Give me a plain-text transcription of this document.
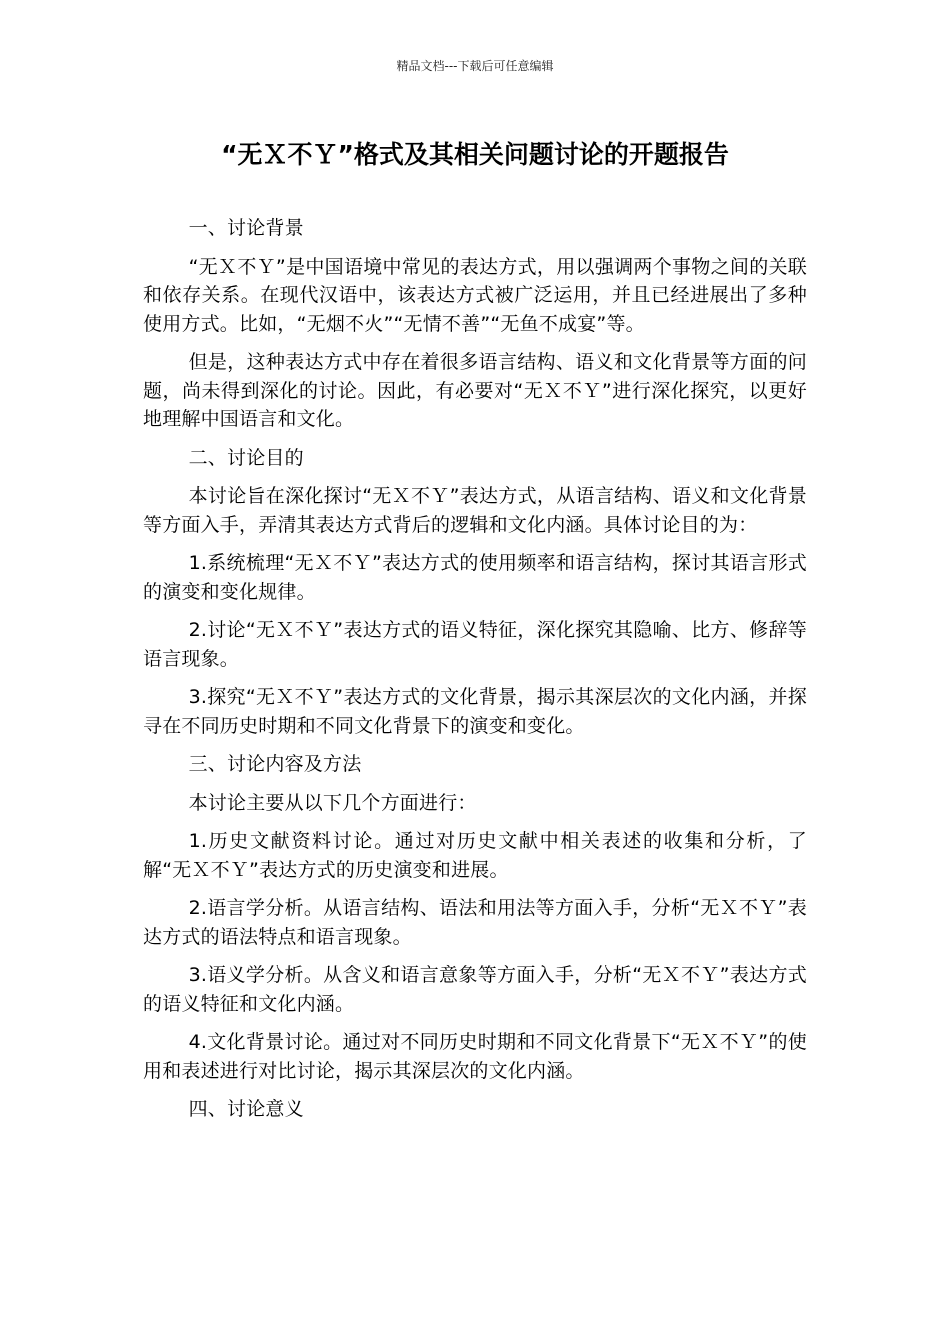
精品文档---下载后可任意编辑
“无Ｘ不Ｙ”格式及其相关问题讨论的开题报告

一、讨论背景

“无Ｘ不Ｙ”是中国语境中常见的表达方式，用以强调两个事物之间的关联和依存关系。在现代汉语中，该表达方式被广泛运用，并且已经进展出了多种使用方式。比如，“无烟不火”“无情不善”“无鱼不成宴”等。

但是，这种表达方式中存在着很多语言结构、语义和文化背景等方面的问题，尚未得到深化的讨论。因此，有必要对“无Ｘ不Ｙ”进行深化探究，以更好地理解中国语言和文化。

二、讨论目的

本讨论旨在深化探讨“无Ｘ不Ｙ”表达方式，从语言结构、语义和文化背景等方面入手，弄清其表达方式背后的逻辑和文化内涵。具体讨论目的为：

1.系统梳理“无Ｘ不Ｙ”表达方式的使用频率和语言结构，探讨其语言形式的演变和变化规律。

2.讨论“无Ｘ不Ｙ”表达方式的语义特征，深化探究其隐喻、比方、修辞等语言现象。

3.探究“无Ｘ不Ｙ”表达方式的文化背景，揭示其深层次的文化内涵，并探寻在不同历史时期和不同文化背景下的演变和变化。

三、讨论内容及方法

本讨论主要从以下几个方面进行：

1.历史文献资料讨论。通过对历史文献中相关表述的收集和分析，了解“无Ｘ不Ｙ”表达方式的历史演变和进展。

2.语言学分析。从语言结构、语法和用法等方面入手，分析“无Ｘ不Ｙ”表达方式的语法特点和语言现象。

3.语义学分析。从含义和语言意象等方面入手，分析“无Ｘ不Ｙ”表达方式的语义特征和文化内涵。

4.文化背景讨论。通过对不同历史时期和不同文化背景下“无Ｘ不Ｙ”的使用和表述进行对比讨论，揭示其深层次的文化内涵。

四、讨论意义
